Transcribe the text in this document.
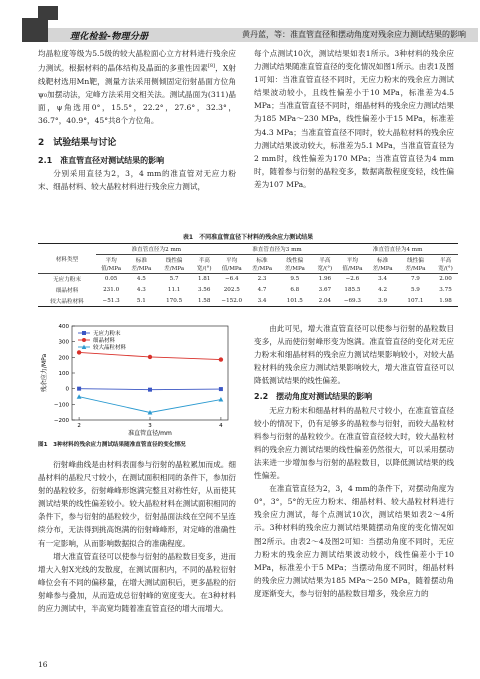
理化检验-物理分册	黄丹蓝，等：准直管直径和摆动角度对残余应力测试结果的影响

均晶粒度等级为5.5级的较大晶粒面心立方材料进行残余应力测试。根据材料的晶体结构及晶面的多重性因素[8]，X射线靶材选用Mn靶，测量方法采用侧倾固定衍射晶面方位角ψ₀加摆动法，定峰方法采用交相关法。测试晶面为(311)晶面，ψ角选用0°，15.5°，22.2°，27.6°，32.3°，36.7°，40.9°，45°共8个方位角。

2　试验结果与讨论

2.1　准直管直径对测试结果的影响

分别采用直径为2，3，4 mm的准直管对无应力粉末、细晶材料、较大晶粒材料进行残余应力测试，

每个点测试10次，测试结果如表1所示。3种材料的残余应力测试结果随准直管直径的变化情况如图1所示。由表1及图1可知：当准直管直径不同时，无应力粉末的残余应力测试结果波动较小，且线性偏差小于10 MPa，标准差为4.5 MPa；当准直管直径不同时，细晶材料的残余应力测试结果为185 MPa～230 MPa，线性偏差小于15 MPa，标准差为4.3 MPa；当准直管直径不同时，较大晶粒材料的残余应力测试结果波动较大，标准差为5.1 MPa，当准直管直径为2 mm时，线性偏差为170 MPa；当准直管直径为4 mm时，随着参与衍射的晶粒变多，数据离散程度变轻，线性偏差为107 MPa。

表1　不同准直管直径下材料的残余应力测试结果
材料类型	准直管直径为2 mm				准直管直径为3 mm				准直管直径为4 mm			
	平均值/MPa	标准差/MPa	线性偏差/MPa	半高宽/(°)	平均值/MPa	标准差/MPa	线性偏差/MPa	半高宽/(°)	平均值/MPa	标准差/MPa	线性偏差/MPa	半高宽/(°)
无应力粉末	0.05	4.5	5.7	1.81	−6.4	2.3	9.5	1.96	−2.6	3.4	7.9	2.00
细晶材料	231.0	4.3	11.1	3.56	202.5	4.7	6.8	3.67	185.5	4.2	5.9	3.75
较大晶粒材料	−51.3	5.1	170.5	1.58	−152.0	3.4	101.5	2.04	−69.3	3.9	107.1	1.98
400
300
200
100
0
−100
−200
2	3	4
准直管直径/mm
残余应力/MPa
无应力粉末
细晶材料
较大晶粒材料
图1　3种材料的残余应力测试结果随准直管直径的变化情况

衍射峰曲线是由材料表面参与衍射的晶粒累加而成。细晶材料的晶粒尺寸较小，在测试面积相同的条件下，参加衍射的晶粒较多，衍射峰峰形饱满完整且对称性好，从而使其测试结果的线性偏差较小。较大晶粒材料在测试面积相同的条件下，参与衍射的晶粒较少，衍射晶面法线在空间不呈连续分布，无法得到挑高饱满的衍射峰峰形，对定峰的准确性有一定影响，从而影响数据拟合的准确程度。

增大准直管直径可以使参与衍射的晶粒数目变多，进而增大入射X光线的发散度，在测试面积内，不同的晶粒衍射峰位会有不同的偏移量，在增大测试面积后，更多晶粒的衍射峰参与叠加，从而造成总衍射峰的宽度变大。在3种材料的应力测试中，半高宽均随着准直管直径的增大而增大。

由此可见，增大准直管直径可以使参与衍射的晶粒数目变多，从而使衍射峰形变为饱满。准直管直径的变化对无应力粉末和细晶材料的残余应力测试结果影响较小，对较大晶粒材料的残余应力测试结果影响较大，增大准直管直径可以降低测试结果的线性偏差。

2.2　摆动角度对测试结果的影响

无应力粉末和细晶材料的晶粒尺寸较小，在准直管直径较小的情况下，仍有足够多的晶粒参与衍射，而较大晶粒材料参与衍射的晶粒较少。在准直管直径较大时，较大晶粒材料的残余应力测试结果的线性偏差仍然很大，可以采用摆动法来进一步增加参与衍射的晶粒数目，以降低测试结果的线性偏差。

在准直管直径为2，3，4 mm的条件下，对摆动角度为0°，3°，5°的无应力粉末、细晶材料、较大晶粒材料进行残余应力测试，每个点测试10次，测试结果如表2～4所示。3种材料的残余应力测试结果随摆动角度的变化情况如图2所示。由表2～4及图2可知：当摆动角度不同时，无应力粉末的残余应力测试结果波动较小，线性偏差小于10 MPa，标准差小于5 MPa；当摆动角度不同时，细晶材料的残余应力测试结果为185 MPa～250 MPa，随着摆动角度逐渐变大，参与衍射的晶粒数目增多，残余应力的

16
